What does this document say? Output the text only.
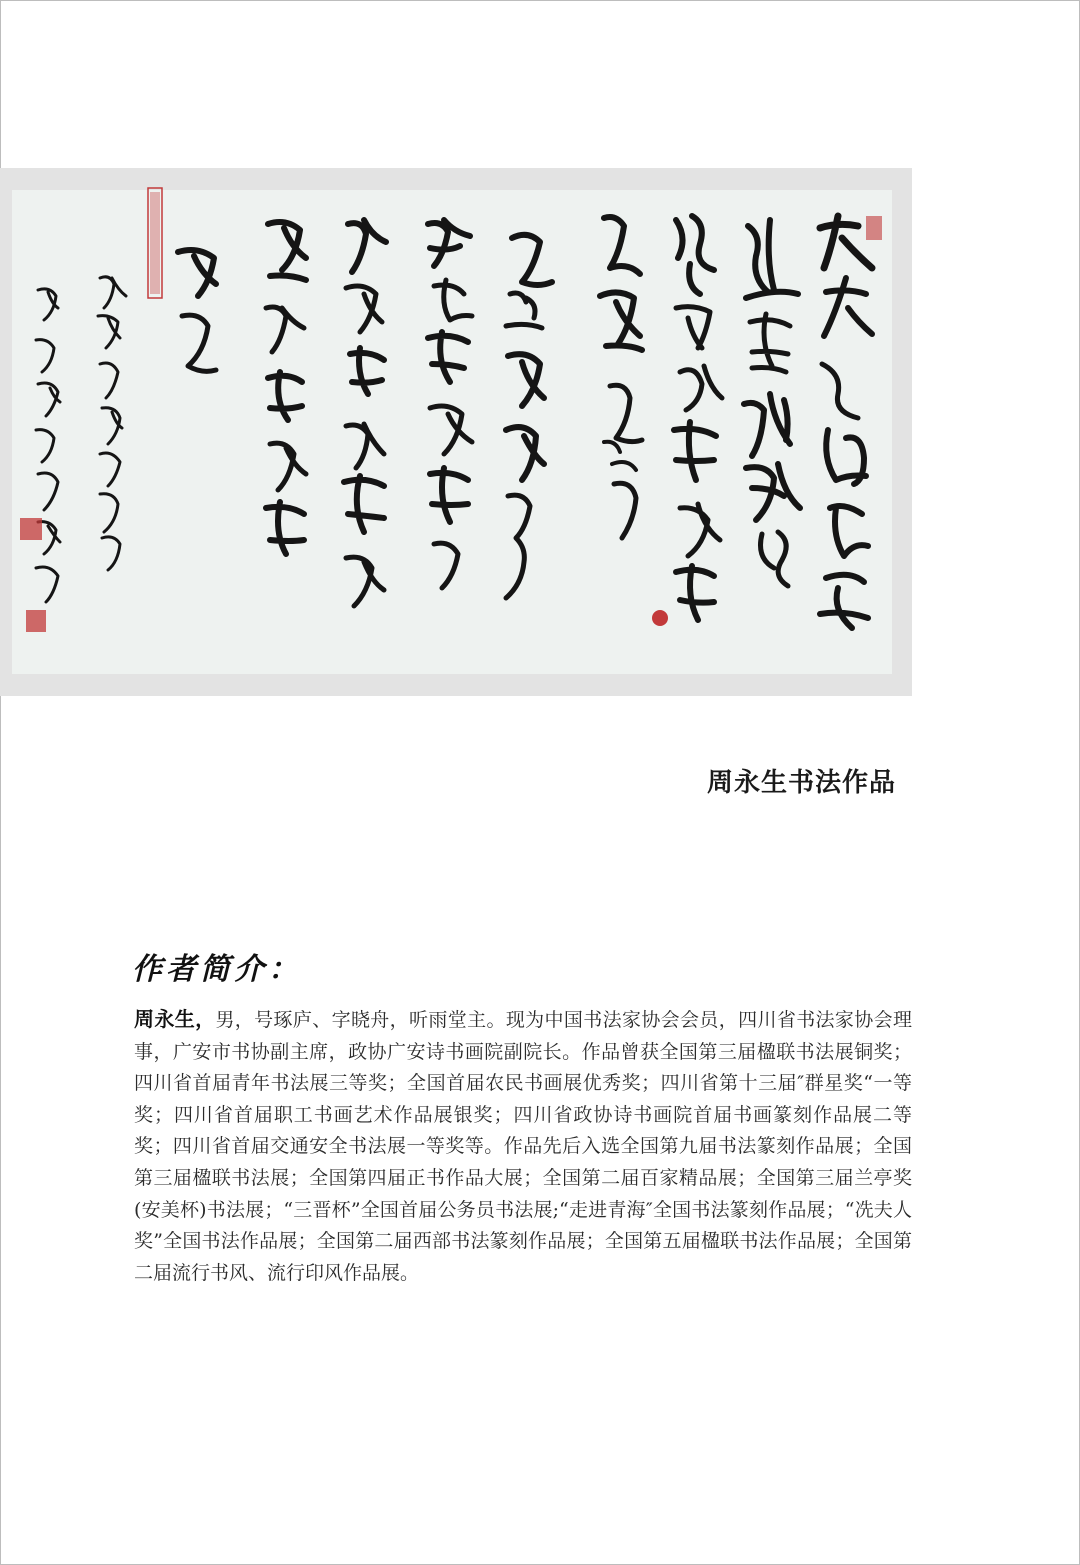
周永生书法作品
作者简介：
周永生，男，号琢庐、字晓舟，听雨堂主。现为中国书法家协会会员，四川省书法家协会理事，广安市书协副主席，政协广安诗书画院副院长。作品曾获全国第三届楹联书法展铜奖；四川省首届青年书法展三等奖；全国首届农民书画展优秀奖；四川省第十三届″群星奖“一等奖；四川省首届职工书画艺术作品展银奖；四川省政协诗书画院首届书画篆刻作品展二等奖；四川省首届交通安全书法展一等奖等。作品先后入选全国第九届书法篆刻作品展；全国第三届楹联书法展；全国第四届正书作品大展；全国第二届百家精品展；全国第三届兰亭奖(安美杯)书法展；“三晋杯”全国首届公务员书法展;“走进青海″全国书法篆刻作品展；“冼夫人奖”全国书法作品展；全国第二届西部书法篆刻作品展；全国第五届楹联书法作品展；全国第二届流行书风、流行印风作品展。
